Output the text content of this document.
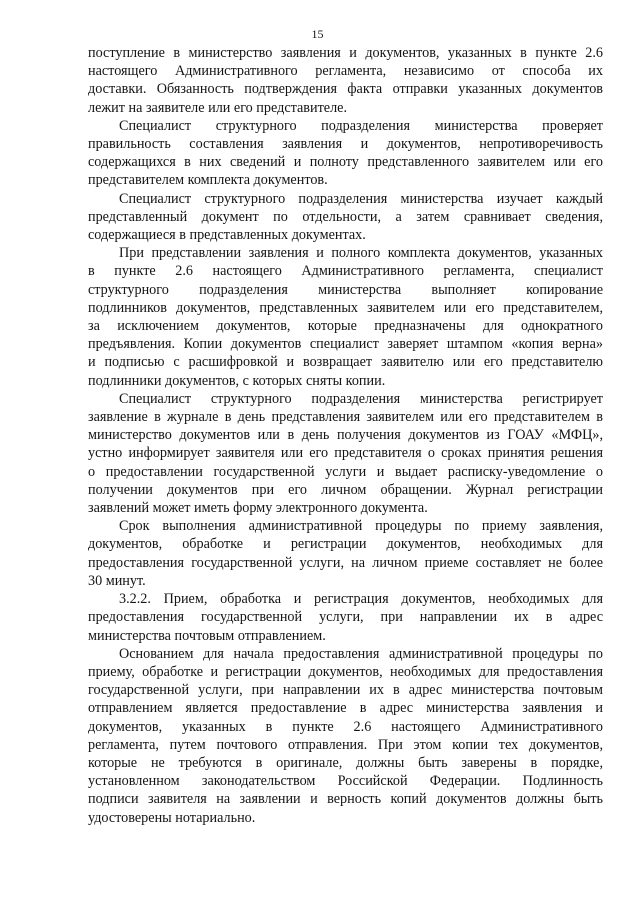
15
поступление в министерство заявления и документов, указанных в пункте 2.6
настоящего Административного регламента, независимо от способа их
доставки. Обязанность подтверждения факта отправки указанных документов
лежит на заявителе или его представителе.
Специалист структурного подразделения министерства проверяет
правильность составления заявления и документов, непротиворечивость
содержащихся в них сведений и полноту представленного заявителем или его
представителем комплекта документов.
Специалист структурного подразделения министерства изучает каждый
представленный документ по отдельности, а затем сравнивает сведения,
содержащиеся в представленных документах.
При представлении заявления и полного комплекта документов, указанных
в пункте 2.6 настоящего Административного регламента, специалист
структурного подразделения министерства выполняет копирование
подлинников документов, представленных заявителем или его представителем,
за исключением документов, которые предназначены для однократного
предъявления. Копии документов специалист заверяет штампом «копия верна»
и подписью с расшифровкой и возвращает заявителю или его представителю
подлинники документов, с которых сняты копии.
Специалист структурного подразделения министерства регистрирует
заявление в журнале в день представления заявителем или его представителем в
министерство документов или в день получения документов из ГОАУ «МФЦ»,
устно информирует заявителя или его представителя о сроках принятия решения
о предоставлении государственной услуги и выдает расписку-уведомление о
получении документов при его личном обращении. Журнал регистрации
заявлений может иметь форму электронного документа.
Срок выполнения административной процедуры по приему заявления,
документов, обработке и регистрации документов, необходимых для
предоставления государственной услуги, на личном приеме составляет не более
30 минут.
3.2.2. Прием, обработка и регистрация документов, необходимых для
предоставления государственной услуги, при направлении их в адрес
министерства почтовым отправлением.
Основанием для начала предоставления административной процедуры по
приему, обработке и регистрации документов, необходимых для предоставления
государственной услуги, при направлении их в адрес министерства почтовым
отправлением является предоставление в адрес министерства заявления и
документов, указанных в пункте 2.6 настоящего Административного
регламента, путем почтового отправления. При этом копии тех документов,
которые не требуются в оригинале, должны быть заверены в порядке,
установленном законодательством Российской Федерации. Подлинность
подписи заявителя на заявлении и верность копий документов должны быть
удостоверены нотариально.
